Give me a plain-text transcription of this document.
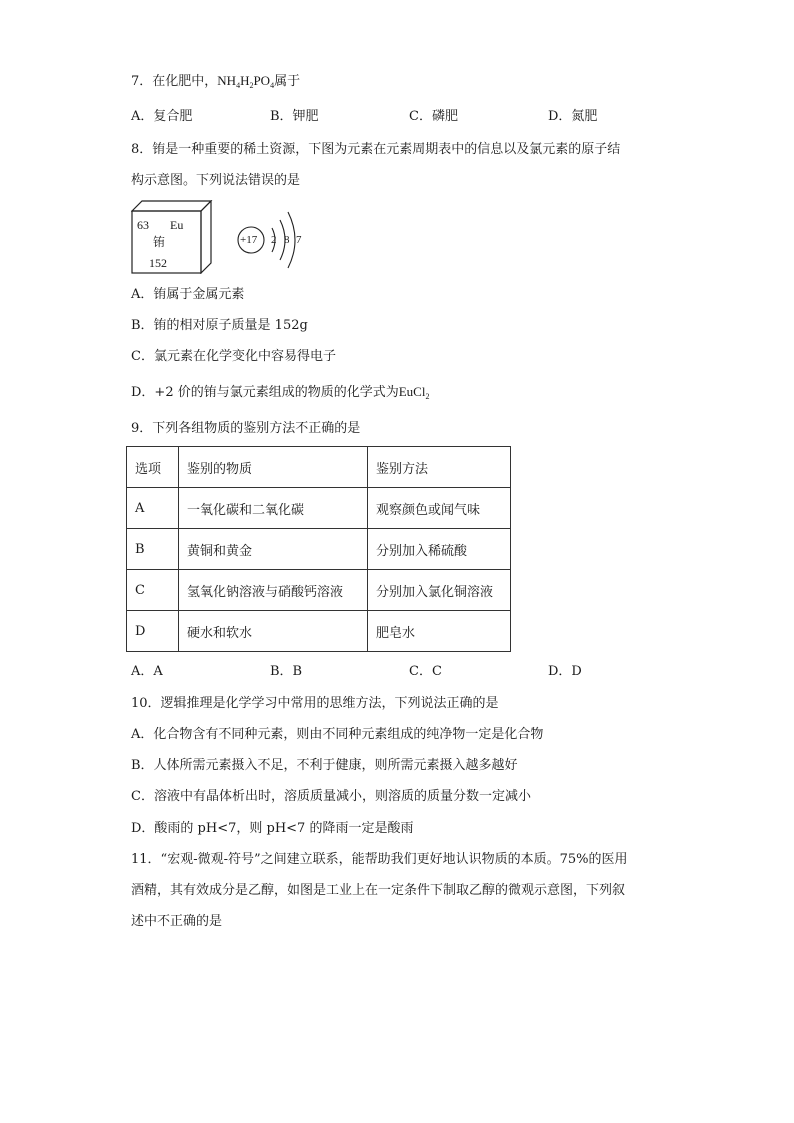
7．在化肥中，$NH_4H_2PO_4$属于
A．复合肥	B．钾肥	C．磷肥	D．氮肥
8．铕是一种重要的稀土资源，下图为元素在元素周期表中的信息以及氯元素的原子结
构示意图。下列说法错误的是
63 Eu
铕
152
+17 2 8 7
A．铕属于金属元素
B．铕的相对原子质量是 152g
C．氯元素在化学变化中容易得电子
D．+2 价的铕与氯元素组成的物质的化学式为EuCl$_2$
9．下列各组物质的鉴别方法不正确的是
选项	鉴别的物质	鉴别方法
A	一氧化碳和二氧化碳	观察颜色或闻气味
B	黄铜和黄金	分别加入稀硫酸
C	氢氧化钠溶液与硝酸钙溶液	分别加入氯化铜溶液
D	硬水和软水	肥皂水
A．A	B．B	C．C	D．D
10．逻辑推理是化学学习中常用的思维方法，下列说法正确的是
A．化合物含有不同种元素，则由不同种元素组成的纯净物一定是化合物
B．人体所需元素摄入不足，不利于健康，则所需元素摄入越多越好
C．溶液中有晶体析出时，溶质质量减小，则溶质的质量分数一定减小
D．酸雨的 pH<7，则 pH<7 的降雨一定是酸雨
11．“宏观-微观-符号”之间建立联系，能帮助我们更好地认识物质的本质。75%的医用
酒精，其有效成分是乙醇，如图是工业上在一定条件下制取乙醇的微观示意图，下列叙
述中不正确的是
